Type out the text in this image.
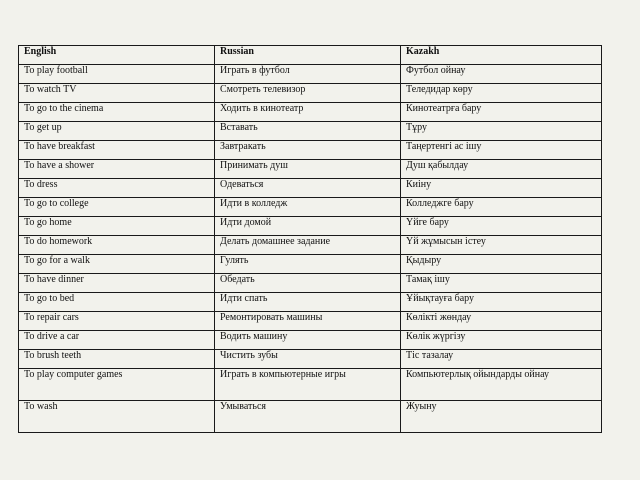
English	Russian	Kazakh
To play football	Играть в футбол	Футбол ойнау
To watch TV	Смотреть телевизор	Теледидар көру
To go to the cinema	Ходить в кинотеатр	Кинотеатрға бару
To get up	Вставать	Тұру
To have breakfast	Завтракать	Таңертенгі ас ішу
To have a shower	Принимать душ	Душ қабылдау
To dress	Одеваться	Киіну
To go to college	Идти в колледж	Колледжге бару
To go home	Идти домой	Үйге бару
To do homework	Делать домашнее задание	Үй жұмысын істеу
To go for a walk	Гулять	Қыдыру
To have dinner	Обедать	Тамақ ішу
To go to bed	Идти спать	Ұйықтауға бару
To repair cars	Ремонтировать машины	Көлікті жөндау
To drive a car	Водить машину	Көлік жүргізу
To brush teeth	Чистить зубы	Тіс тазалау
To play computer games	Играть в компьютерные игры	Компьютерлық ойындарды ойнау
To wash	Умываться	Жуыну
